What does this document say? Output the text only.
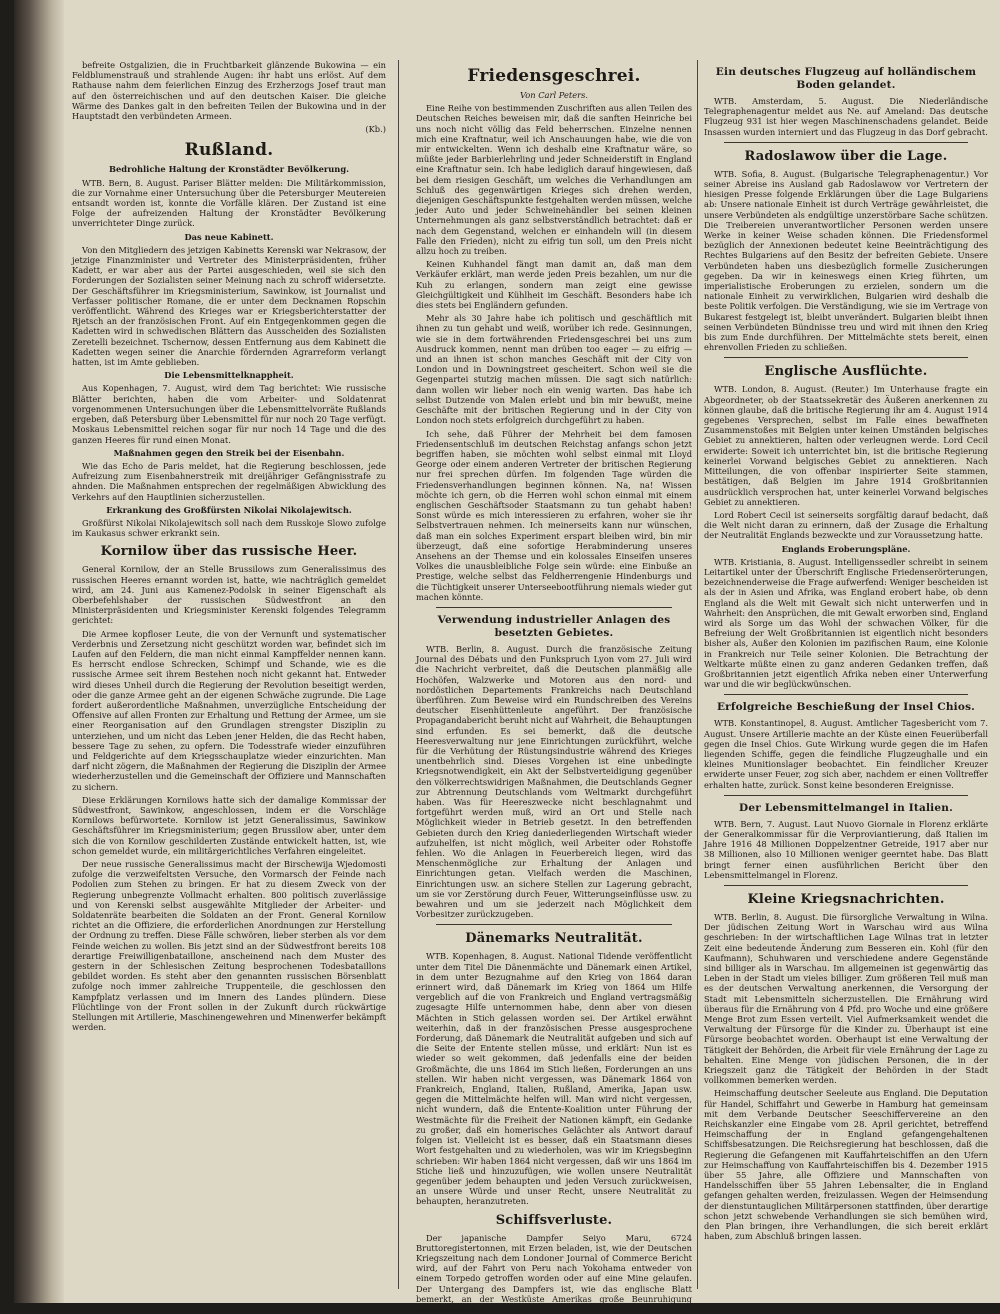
befreite Ostgalizien, die in Fruchtbarkeit glänzende Bukowina — ein Feldblumenstrauß und strahlende Augen: ihr habt uns erlöst. Auf dem Rathause nahm dem feierlichen Einzug des Erzherzogs Josef traut man auf den österreichischen und auf den deutschen Kaiser. Die gleiche Wärme des Dankes galt in den befreiten Teilen der Bukowina und in der Hauptstadt den verbündeten Armeen.

(Kb.)
Rußland.
Bedrohliche Haltung der Kronstädter Bevölkerung.

WTB. Bern, 8. August. Pariser Blätter melden: Die Militärkommission, die zur Vornahme einer Untersuchung über die Petersburger Meutereien entsandt worden ist, konnte die Vorfälle klären. Der Zustand ist eine Folge der aufreizenden Haltung der Kronstädter Bevölkerung unverrichteter Dinge zurück.

Das neue Kabinett.

Von den Mitgliedern des jetzigen Kabinetts Kerenski war Nekrasow, der jetzige Finanzminister und Vertreter des Ministerpräsidenten, früher Kadett, er war aber aus der Partei ausgeschieden, weil sie sich den Forderungen der Sozialisten seiner Meinung nach zu schroff widersetzte. Der Geschäftsführer im Kriegsministerium, Sawinkow, ist Journalist und Verfasser politischer Romane, die er unter dem Decknamen Ropschin veröffentlicht. Während des Krieges war er Kriegsberichterstatter der Rjetsch an der französischen Front. Auf ein Entgegenkommen gegen die Kadetten wird in schwedischen Blättern das Ausscheiden des Sozialisten Zeretelli bezeichnet. Tschernow, dessen Entfernung aus dem Kabinett die Kadetten wegen seiner die Anarchie fördernden Agrarreform verlangt hatten, ist im Amte geblieben.

Die Lebensmittelknappheit.

Aus Kopenhagen, 7. August, wird dem Tag berichtet: Wie russische Blätter berichten, haben die vom Arbeiter- und Soldatenrat vorgenommenen Untersuchungen über die Lebensmittelvorräte Rußlands ergeben, daß Petersburg über Lebensmittel für nur noch 20 Tage verfügt. Moskaus Lebensmittel reichen sogar für nur noch 14 Tage und die des ganzen Heeres für rund einen Monat.

Maßnahmen gegen den Streik bei der Eisenbahn.

Wie das Echo de Paris meldet, hat die Regierung beschlossen, jede Aufreizung zum Eisenbahnerstreik mit dreijähriger Gefängnisstrafe zu ahnden. Die Maßnahmen entsprechen der regelmäßigen Abwicklung des Verkehrs auf den Hauptlinien sicherzustellen.

Erkrankung des Großfürsten Nikolai Nikolajewitsch.

Großfürst Nikolai Nikolajewitsch soll nach dem Russkoje Slowo zufolge im Kaukasus schwer erkrankt sein.

Kornilow über das russische Heer.

General Kornilow, der an Stelle Brussilows zum Generalissimus des russischen Heeres ernannt worden ist, hatte, wie nachträglich gemeldet wird, am 24. Juni aus Kamenez-Podolsk in seiner Eigenschaft als Oberbefehlshaber der russischen Südwestfront an den Ministerpräsidenten und Kriegsminister Kerenski folgendes Telegramm gerichtet:

Die Armee kopfloser Leute, die von der Vernunft und systematischer Verderbnis und Zersetzung nicht geschützt worden war, befindet sich im Laufen auf den Feldern, die man nicht einmal Kampffelder nennen kann. Es herrscht endlose Schrecken, Schimpf und Schande, wie es die russische Armee seit ihrem Bestehen noch nicht gekannt hat. Entweder wird dieses Unheil durch die Regierung der Revolution beseitigt werden, oder die ganze Armee geht an der eigenen Schwäche zugrunde. Die Lage fordert außerordentliche Maßnahmen, unverzügliche Entscheidung der Offensive auf allen Fronten zur Erhaltung und Rettung der Armee, um sie einer Reorganisation auf den Grundlagen strengster Disziplin zu unterziehen, und um nicht das Leben jener Helden, die das Recht haben, bessere Tage zu sehen, zu opfern. Die Todesstrafe wieder einzuführen und Feldgerichte auf dem Kriegsschauplatze wieder einzurichten. Man darf nicht zögern, die Maßnahmen der Regierung die Disziplin der Armee wiederherzustellen und die Gemeinschaft der Offiziere und Mannschaften zu sichern.

Diese Erklärungen Kornilows hatte sich der damalige Kommissar der Südwestfront, Sawinkow, angeschlossen, indem er die Vorschläge Kornilows befürwortete. Kornilow ist jetzt Generalissimus, Sawinkow Geschäftsführer im Kriegsministerium; gegen Brussilow aber, unter dem sich die von Kornilow geschilderten Zustände entwickelt hatten, ist, wie schon gemeldet wurde, ein militärgerichtliches Verfahren eingeleitet.

Der neue russische Generalissimus macht der Birschewija Wjedomosti zufolge die verzweifeltsten Versuche, den Vormarsch der Feinde nach Podolien zum Stehen zu bringen. Er hat zu diesem Zweck von der Regierung unbegrenzte Vollmacht erhalten. 800 politisch zuverlässige und von Kerenski selbst ausgewählte Mitglieder der Arbeiter- und Soldatenräte bearbeiten die Soldaten an der Front. General Kornilow richtet an die Offiziere, die erforderlichen Anordnungen zur Herstellung der Ordnung zu treffen. Diese Fälle schwören, lieber sterben als vor dem Feinde weichen zu wollen. Bis jetzt sind an der Südwestfront bereits 108 derartige Freiwilligenbataillone, anscheinend nach dem Muster des gestern in der Schlesischen Zeitung besprochenen Todesbataillons gebildet worden. Es steht aber den genannten russischen Börsenblatt zufolge noch immer zahlreiche Truppenteile, die geschlossen den Kampfplatz verlassen und im Innern des Landes plündern. Diese Flüchtlinge von der Front sollen in der Zukunft durch rückwärtige Stellungen mit Artillerie, Maschinengewehren und Minenwerfer bekämpft werden.

Friedensgeschrei.
Von Carl Peters.

Eine Reihe von bestimmenden Zuschriften aus allen Teilen des Deutschen Reiches beweisen mir, daß die sanften Heinriche bei uns noch nicht völlig das Feld beherrschen. Einzelne nennen mich eine Kraftnatur, weil ich Anschauungen habe, wie die von mir entwickelten. Wenn ich deshalb eine Kraftnatur wäre, so müßte jeder Barbierlehrling und jeder Schneiderstift in England eine Kraftnatur sein. Ich habe lediglich darauf hingewiesen, daß bei dem riesigen Geschäft, um welches die Verhandlungen am Schluß des gegenwärtigen Krieges sich drehen werden, diejenigen Geschäftspunkte festgehalten werden müssen, welche jeder Auto und jeder Schweinehändler bei seinen kleinen Unternehmungen als ganz selbstverständlich betrachtet: daß er nach dem Gegenstand, welchen er einhandeln will (in diesem Falle den Frieden), nicht zu eifrig tun soll, um den Preis nicht allzu hoch zu treiben.

Keinen Kuhhandel fängt man damit an, daß man dem Verkäufer erklärt, man werde jeden Preis bezahlen, um nur die Kuh zu erlangen, sondern man zeigt eine gewisse Gleichgültigkeit und Kühlheit im Geschäft. Besonders habe ich dies stets bei Engländern gefunden.

Mehr als 30 Jahre habe ich politisch und geschäftlich mit ihnen zu tun gehabt und weiß, worüber ich rede. Gesinnungen, wie sie in dem fortwährenden Friedensgeschrei bei uns zum Ausdruck kommen, nennt man drüben too eager — zu eifrig — und an ihnen ist schon manches Geschäft mit der City von London und in Downingstreet gescheitert. Schon weil sie die Gegenpartei stutzig machen müssen. Die sagt sich natürlich: dann wollen wir lieber noch ein wenig warten. Das habe ich selbst Dutzende von Malen erlebt und bin mir bewußt, meine Geschäfte mit der britischen Regierung und in der City von London noch stets erfolgreich durchgeführt zu haben.

Ich sehe, daß Führer der Mehrheit bei dem famosen Friedensentschluß im deutschen Reichstag anfangs schon jetzt begriffen haben, sie möchten wohl selbst einmal mit Lloyd George oder einem anderen Vertreter der britischen Regierung nur frei sprechen dürfen. Im folgenden Tage würden die Friedensverhandlungen beginnen können. Na, na! Wissen möchte ich gern, ob die Herren wohl schon einmal mit einem englischen Geschäftsoder Staatsmann zu tun gehabt haben! Sonst würde es mich interessieren zu erfahren, woher sie ihr Selbstvertrauen nehmen. Ich meinerseits kann nur wünschen, daß man ein solches Experiment erspart bleiben wird, bin mir überzeugt, daß eine sofortige Herabminderung unseres Ansehens an der Themse und ein kolossales Einseifen unseres Volkes die unausbleibliche Folge sein würde: eine Einbuße an Prestige, welche selbst das Feldherrengenie Hindenburgs und die Tüchtigkeit unserer Unterseebootführung niemals wieder gut machen könnte.

Verwendung industrieller Anlagen des besetzten Gebietes.

WTB. Berlin, 8. August. Durch die französische Zeitung Journal des Débats und den Funkspruch Lyon vom 27. Juli wird die Nachricht verbreitet, daß die Deutschen planmäßig alle Hochöfen, Walzwerke und Motoren aus den nord- und nordöstlichen Departements Frankreichs nach Deutschland überführen. Zum Beweise wird ein Rundschreiben des Vereins deutscher Eisenhüttenleute angeführt. Der französische Propagandabericht beruht nicht auf Wahrheit, die Behauptungen sind erfunden. Es sei bemerkt, daß die deutsche Heeresverwaltung nur jene Einrichtungen zurückführt, welche für die Verhütung der Rüstungsindustrie während des Krieges unentbehrlich sind. Dieses Vorgehen ist eine unbedingte Kriegsnotwendigkeit, ein Akt der Selbstverteidigung gegenüber den völkerrechtswidrigen Maßnahmen, die Deutschlands Gegner zur Abtrennung Deutschlands vom Weltmarkt durchgeführt haben. Was für Heereszwecke nicht beschlagnahmt und fortgeführt werden muß, wird an Ort und Stelle nach Möglichkeit wieder in Betrieb gesetzt. In den betreffenden Gebieten durch den Krieg daniederliegenden Wirtschaft wieder aufzuhelfen, ist nicht möglich, weil Arbeiter oder Rohstoffe fehlen. Wo die Anlagen in Feuerbereich liegen, wird das Menschenmögliche zur Erhaltung der Anlagen und Einrichtungen getan. Vielfach werden die Maschinen, Einrichtungen usw. an sichere Stellen zur Lagerung gebracht, um sie vor Zerstörung durch Feuer, Witterungseinflüsse usw. zu bewahren und um sie jederzeit nach Möglichkeit dem Vorbesitzer zurückzugeben.

Dänemarks Neutralität.

WTB. Kopenhagen, 8. August. National Tidende veröffentlicht unter dem Titel Die Dänenmächte und Dänemark einen Artikel, in dem unter Bezugnahme auf den Krieg von 1864 daran erinnert wird, daß Dänemark im Krieg von 1864 um Hilfe vergeblich auf die von Frankreich und England vertragsmäßig zugesagte Hilfe unternommen habe, denn aber von diesen Mächten in Stich gelassen worden sei. Der Artikel erwähnt weiterhin, daß in der französischen Presse ausgesprochene Forderung, daß Dänemark die Neutralität aufgeben und sich auf die Seite der Entente stellen müsse, und erklärt: Nun ist es wieder so weit gekommen, daß jedenfalls eine der beiden Großmächte, die uns 1864 im Stich ließen, Forderungen an uns stellen. Wir haben nicht vergessen, was Dänemark 1864 von Frankreich, England, Italien, Rußland, Amerika, Japan usw. gegen die Mittelmächte helfen will. Man wird nicht vergessen, nicht wundern, daß die Entente-Koalition unter Führung der Westmächte für die Freiheit der Nationen kämpft, ein Gedanke zu großer, daß ein homerisches Gelächter als Antwort darauf folgen ist. Vielleicht ist es besser, daß ein Staatsmann dieses Wort festgehalten und zu wiederholen, was wir im Kriegsbeginn schrieben: Wir haben 1864 nicht vergessen, daß wir uns 1864 im Stiche ließ und hinzuzufügen, wie wollen unsere Neutralität gegenüber jedem behaupten und jeden Versuch zurückweisen, an unsere Würde und unser Recht, unsere Neutralität zu behaupten, heranzutreten.

Schiffsverluste.

Der japanische Dampfer Seiyo Maru, 6724 Bruttoregistertonnen, mit Erzen beladen, ist, wie der Deutschen Kriegszeitung nach dem Londoner Journal of Commerce Bericht wird, auf der Fahrt von Peru nach Yokohama entweder von einem Torpedo getroffen worden oder auf eine Mine gelaufen. Der Untergang des Dampfers ist, wie das englische Blatt bemerkt, an der Westküste Amerikas große Beunruhigung hervorgerufen.

Ein deutsches Flugzeug auf holländischem Boden gelandet.

WTB. Amsterdam, 5. August. Die Niederländische Telegraphenagentur meldet aus Ne. auf Ameland: Das deutsche Flugzeug 931 ist hier wegen Maschinenschadens gelandet. Beide Insassen wurden interniert und das Flugzeug in das Dorf gebracht.

Radoslawow über die Lage.

WTB. Sofia, 8. August. (Bulgarische Telegraphenagentur.) Vor seiner Abreise ins Ausland gab Radoslawow vor Vertretern der hiesigen Presse folgende Erklärungen über die Lage Bulgariens ab: Unsere nationale Einheit ist durch Verträge gewährleistet, die unsere Verbündeten als endgültige unzerstörbare Sache schützen. Die Treibereien unverantwortlicher Personen werden unsere Werke in keiner Weise schaden können. Die Friedensformel bezüglich der Annexionen bedeutet keine Beeinträchtigung des Rechtes Bulgariens auf den Besitz der befreiten Gebiete. Unsere Verbündeten haben uns diesbezüglich formelle Zusicherungen gegeben. Da wir in keineswegs einen Krieg führten, um imperialistische Eroberungen zu erzielen, sondern um die nationale Einheit zu verwirklichen, Bulgarien wird deshalb die beste Politik verfolgen. Die Verständigung, wie sie im Vertrage von Bukarest festgelegt ist, bleibt unverändert. Bulgarien bleibt ihnen seinen Verbündeten Bündnisse treu und wird mit ihnen den Krieg bis zum Ende durchführen. Der Mittelmächte stets bereit, einen ehrenvollen Frieden zu schließen.

Englische Ausflüchte.

WTB. London, 8. August. (Reuter.) Im Unterhause fragte ein Abgeordneter, ob der Staatssekretär des Äußeren anerkennen zu können glaube, daß die britische Regierung ihr am 4. August 1914 gegebenes Versprechen, selbst im Falle eines bewaffneten Zusammenstoßes mit Belgien unter keinen Umständen belgisches Gebiet zu annektieren, halten oder verleugnen werde. Lord Cecil erwiderte: Soweit ich unterrichtet bin, ist die britische Regierung keinerlei Vorwand belgisches Gebiet zu annektieren. Nach Mitteilungen, die von offenbar inspirierter Seite stammen, bestätigen, daß Belgien im Jahre 1914 Großbritannien ausdrücklich versprochen hat, unter keinerlei Vorwand belgisches Gebiet zu annektieren.

Lord Robert Cecil ist seinerseits sorgfältig darauf bedacht, daß die Welt nicht daran zu erinnern, daß der Zusage die Erhaltung der Neutralität Englands bezweckte und zur Voraussetzung hatte.

Englands Eroberungspläne.

WTB. Kristiania, 8. August. Intelligenssedler schreibt in seinem Leitartikel unter der Überschrift Englische Friedenserörterungen, bezeichnenderweise die Frage aufwerfend: Weniger bescheiden ist als der in Asien und Afrika, was England erobert habe, ob denn England als die Welt mit Gewalt sich nicht unterwerfen und in Wahrheit: den Ansprüchen, die mit Gewalt erworben sind, England wird als Sorge um das Wohl der schwachen Völker, für die Befreiung der Welt Großbritannien ist eigentlich nicht besonders bisher als, Außer den Kolonien im pazifischen Raum, eine Kolonie in Frankreich nur Teile seiner Kolonien. Die Betrachtung der Weltkarte müßte einen zu ganz anderen Gedanken treffen, daß Großbritannien jetzt eigentlich Afrika neben einer Unterwerfung war und die wir beglückwünschen.

Erfolgreiche Beschießung der Insel Chios.

WTB. Konstantinopel, 8. August. Amtlicher Tagesbericht vom 7. August. Unsere Artillerie machte an der Küste einen Feuerüberfall gegen die Insel Chios. Gute Wirkung wurde gegen die im Hafen liegenden Schiffe, gegen die feindliche Flugzeughalle und ein kleines Munitionslager beobachtet. Ein feindlicher Kreuzer erwiderte unser Feuer, zog sich aber, nachdem er einen Volltreffer erhalten hatte, zurück. Sonst keine besonderen Ereignisse.

Der Lebensmittelmangel in Italien.

WTB. Bern, 7. August. Laut Nuovo Giornale in Florenz erklärte der Generalkommissar für die Verproviantierung, daß Italien im Jahre 1916 48 Millionen Doppelzentner Getreide, 1917 aber nur 38 Millionen, also 10 Millionen weniger geerntet habe. Das Blatt bringt ferner einen ausführlichen Bericht über den Lebensmittelmangel in Florenz.

Kleine Kriegsnachrichten.

WTB. Berlin, 8. August. Die fürsorgliche Verwaltung in Wilna. Der jüdischen Zeitung Wort in Warschau wird aus Wilna geschrieben: In der wirtschaftlichen Lage Wilnas trat in letzter Zeit eine bedeutende Änderung zum Besseren ein. Kohl (für den Kaufmann), Schuhwaren und verschiedene andere Gegenstände sind billiger als in Warschau. Im allgemeinen ist gegenwärtig das Leben in der Stadt um vieles billiger. Zum größeren Teil muß man es der deutschen Verwaltung anerkennen, die Versorgung der Stadt mit Lebensmitteln sicherzustellen. Die Ernährung wird überaus für die Ernährung von 4 Pfd. pro Woche und eine größere Menge Brot zum Essen verteilt. Viel Aufmerksamkeit wendet die Verwaltung der Fürsorge für die Kinder zu. Überhaupt ist eine Fürsorge beobachtet worden. Oberhaupt ist eine Verwaltung der Tätigkeit der Behörden, die Arbeit für viele Ernährung der Lage zu behalten. Eine Menge von jüdischen Personen, die in der Kriegszeit ganz die Tätigkeit der Behörden in der Stadt vollkommen bemerken werden.

Heimschaffung deutscher Seeleute aus England. Die Deputation für Handel, Schiffahrt und Gewerbe in Hamburg hat gemeinsam mit dem Verbande Deutscher Seeschiffervereine an den Reichskanzler eine Eingabe vom 28. April gerichtet, betreffend Heimschaffung der in England gefangengehaltenen Schiffsbesatzungen. Die Reichsregierung hat beschlossen, daß die Regierung die Gefangenen mit Kauffahrteischiffen an den Ufern zur Heimschaffung von Kauffahrteischiffen bis 4. Dezember 1915 über 55 Jahre, alle Offiziere und Mannschaften von Handelsschiffen über 55 Jahren Lebensalter, die in England gefangen gehalten werden, freizulassen. Wegen der Heimsendung der dienstuntauglichen Militärpersonen stattfinden, über derartige schon jetzt schwebende Verhandlungen sie sich bemühen wird, den Plan bringen, ihre Verhandlungen, die sich bereit erklärt haben, zum Abschluß bringen lassen.
